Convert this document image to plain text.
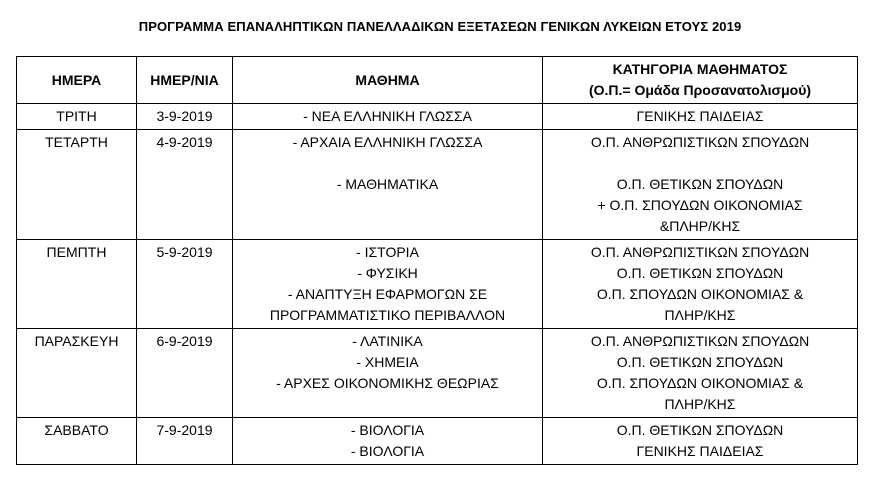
ΠΡΟΓΡΑΜΜΑ ΕΠΑΝΑΛΗΠΤΙΚΩΝ ΠΑΝΕΛΛΑΔΙΚΩΝ ΕΞΕΤΑΣΕΩΝ ΓΕΝΙΚΩΝ ΛΥΚΕΙΩΝ ΕΤΟΥΣ 2019
ΗΜΕΡΑ	ΗΜΕΡ/ΝΙΑ	ΜΑΘΗΜΑ	ΚΑΤΗΓΟΡΙΑ ΜΑΘΗΜΑΤΟΣ
(Ο.Π.= Ομάδα Προσανατολισμού)

ΤΡΙΤΗ	3-9-2019	- ΝΕΑ ΕΛΛΗΝΙΚΗ ΓΛΩΣΣΑ	ΓΕΝΙΚΗΣ ΠΑΙΔΕΙΑΣ

ΤΕΤΑΡΤΗ	4-9-2019	- ΑΡΧΑΙΑ ΕΛΛΗΝΙΚΗ ΓΛΩΣΣΑ
- ΜΑΘΗΜΑΤΙΚΑ	Ο.Π. ΑΝΘΡΩΠΙΣΤΙΚΩΝ ΣΠΟΥΔΩΝ
Ο.Π. ΘΕΤΙΚΩΝ ΣΠΟΥΔΩΝ
+ Ο.Π. ΣΠΟΥΔΩΝ ΟΙΚΟΝΟΜΙΑΣ
&ΠΛΗΡ/ΚΗΣ

ΠΕΜΠΤΗ	5-9-2019	- ΙΣΤΟΡΙΑ
- ΦΥΣΙΚΗ
- ΑΝΑΠΤΥΞΗ ΕΦΑΡΜΟΓΩΝ ΣΕ
ΠΡΟΓΡΑΜΜΑΤΙΣΤΙΚΟ ΠΕΡΙΒΑΛΛΟΝ	Ο.Π. ΑΝΘΡΩΠΙΣΤΙΚΩΝ ΣΠΟΥΔΩΝ
Ο.Π. ΘΕΤΙΚΩΝ ΣΠΟΥΔΩΝ
Ο.Π. ΣΠΟΥΔΩΝ ΟΙΚΟΝΟΜΙΑΣ &
ΠΛΗΡ/ΚΗΣ

ΠΑΡΑΣΚΕΥΗ	6-9-2019	- ΛΑΤΙΝΙΚΑ
- ΧΗΜΕΙΑ
- ΑΡΧΕΣ ΟΙΚΟΝΟΜΙΚΗΣ ΘΕΩΡΙΑΣ	Ο.Π. ΑΝΘΡΩΠΙΣΤΙΚΩΝ ΣΠΟΥΔΩΝ
Ο.Π. ΘΕΤΙΚΩΝ ΣΠΟΥΔΩΝ
Ο.Π. ΣΠΟΥΔΩΝ ΟΙΚΟΝΟΜΙΑΣ &
ΠΛΗΡ/ΚΗΣ

ΣΑΒΒΑΤΟ	7-9-2019	- ΒΙΟΛΟΓΙΑ
- ΒΙΟΛΟΓΙΑ	Ο.Π. ΘΕΤΙΚΩΝ ΣΠΟΥΔΩΝ
ΓΕΝΙΚΗΣ ΠΑΙΔΕΙΑΣ
